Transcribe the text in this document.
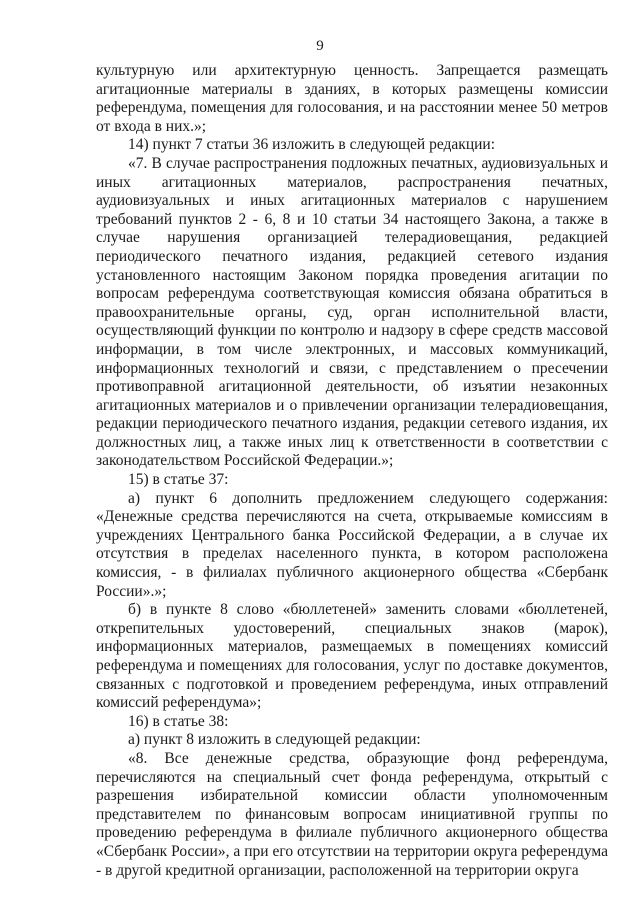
9

культурную или архитектурную ценность. Запрещается размещать агитационные материалы в зданиях, в которых размещены комиссии референдума, помещения для голосования, и на расстоянии менее 50 метров от входа в них.»;

14) пункт 7 статьи 36 изложить в следующей редакции:

«7. В случае распространения подложных печатных, аудиовизуальных и иных агитационных материалов, распространения печатных, аудиовизуальных и иных агитационных материалов с нарушением требований пунктов 2 - 6, 8 и 10 статьи 34 настоящего Закона, а также в случае нарушения организацией телерадиовещания, редакцией периодического печатного издания, редакцией сетевого издания установленного настоящим Законом порядка проведения агитации по вопросам референдума соответствующая комиссия обязана обратиться в правоохранительные органы, суд, орган исполнительной власти, осуществляющий функции по контролю и надзору в сфере средств массовой информации, в том числе электронных, и массовых коммуникаций, информационных технологий и связи, с представлением о пресечении противоправной агитационной деятельности, об изъятии незаконных агитационных материалов и о привлечении организации телерадиовещания, редакции периодического печатного издания, редакции сетевого издания, их должностных лиц, а также иных лиц к ответственности в соответствии с законодательством Российской Федерации.»;

15) в статье 37:

а) пункт 6 дополнить предложением следующего содержания: «Денежные средства перечисляются на счета, открываемые комиссиям в учреждениях Центрального банка Российской Федерации, а в случае их отсутствия в пределах населенного пункта, в котором расположена комиссия, - в филиалах публичного акционерного общества «Сбербанк России».»;

б) в пункте 8 слово «бюллетеней» заменить словами «бюллетеней, открепительных удостоверений, специальных знаков (марок), информационных материалов, размещаемых в помещениях комиссий референдума и помещениях для голосования, услуг по доставке документов, связанных с подготовкой и проведением референдума, иных отправлений комиссий референдума»;

16) в статье 38:

а) пункт 8 изложить в следующей редакции:

«8. Все денежные средства, образующие фонд референдума, перечисляются на специальный счет фонда референдума, открытый с разрешения избирательной комиссии области уполномоченным представителем по финансовым вопросам инициативной группы по проведению референдума в филиале публичного акционерного общества «Сбербанк России», а при его отсутствии на территории округа референдума - в другой кредитной организации, расположенной на территории округа
